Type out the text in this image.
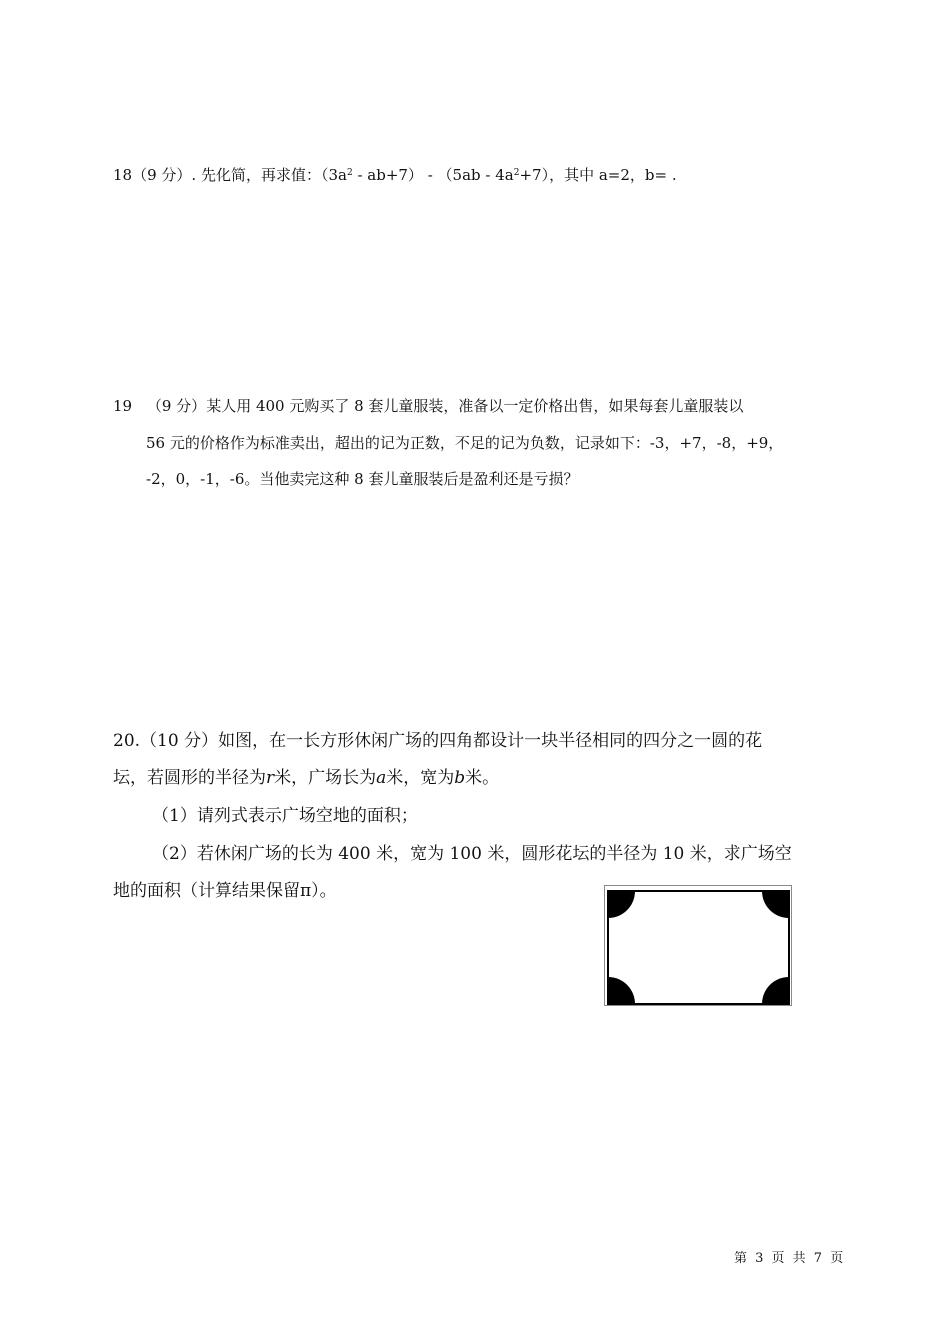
18（9 分）. 先化简，再求值：$(3a^2 - ab+7) - (5ab - 4a^2+7)$，其中 a=2，b= .
19 （9 分）某人用 400 元购买了 8 套儿童服装，准备以一定价格出售，如果每套儿童服装以
56 元的价格作为标准卖出，超出的记为正数，不足的记为负数，记录如下：-3，+7，-8，+9，
-2，0，-1，-6。当他卖完这种 8 套儿童服装后是盈利还是亏损？
20.（10 分）如图，在一长方形休闲广场的四角都设计一块半径相同的四分之一圆的花
坛，若圆形的半径为r米，广场长为a米，宽为b米。
（1）请列式表示广场空地的面积；
（2）若休闲广场的长为 400 米，宽为 100 米，圆形花坛的半径为 10 米，求广场空
地的面积（计算结果保留π）。
第 3 页 共 7 页
